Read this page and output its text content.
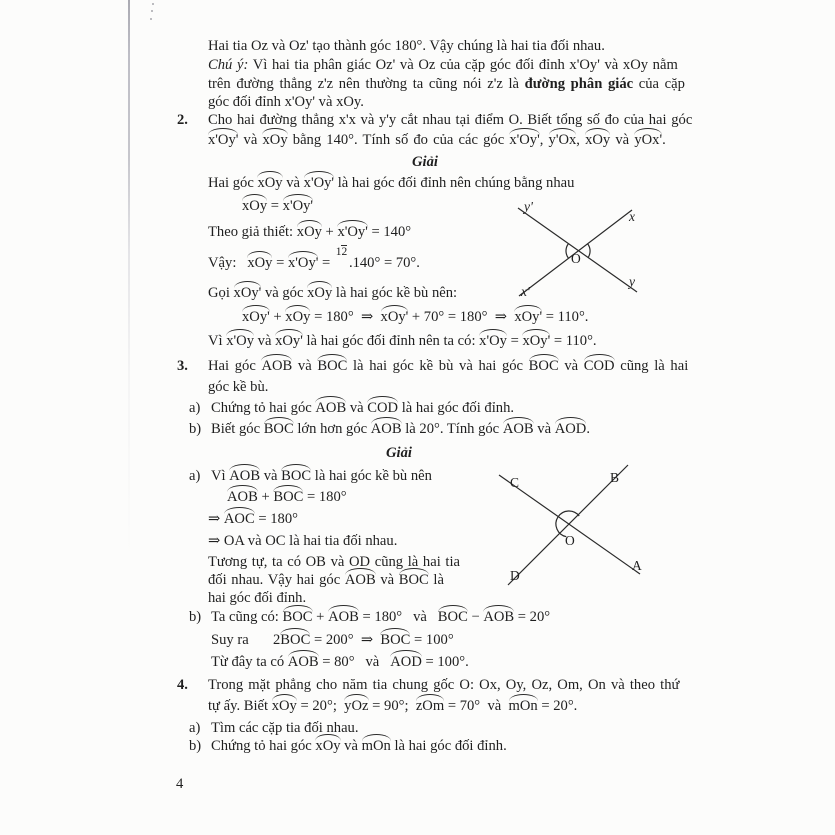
Hai tia Oz và Oz' tạo thành góc 180°. Vậy chúng là hai tia đối nhau.
Chú ý: Vì hai tia phân giác Oz' và Oz của cặp góc đối đỉnh x'Oy' và xOy nằm
trên đường thẳng z'z nên thường ta cũng nói z'z là đường phân giác của cặp
góc đối đỉnh x'Oy' và xOy.
2. Cho hai đường thẳng x'x và y'y cắt nhau tại điểm O. Biết tổng số đo của hai góc
x'Oy' và xOy bằng 140°. Tính số đo của các góc x'Oy', y'Ox, xOy và yOx'.
Giải
Hai góc xOy và x'Oy' là hai góc đối đỉnh nên chúng bằng nhau
xOy = x'Oy'
Theo giả thiết: xOy + x'Oy' = 140°
Vậy:   xOy = x'Oy' =
12
.140° = 70°.
Gọi xOy' và góc xOy là hai góc kề bù nên:
xOy' + xOy = 180°  ⇒  xOy' + 70° = 180°  ⇒  xOy' = 110°.
Vì x'Oy và xOy' là hai góc đối đỉnh nên ta có: x'Oy = xOy' = 110°.
3. Hai góc AOB và BOC là hai góc kề bù và hai góc BOC và COD cũng là hai
góc kề bù.
a) Chứng tỏ hai góc AOB và COD là hai góc đối đỉnh.
b) Biết góc BOC lớn hơn góc AOB là 20°. Tính góc AOB và AOD.
Giải
a) Vì AOB và BOC là hai góc kề bù nên
AOB + BOC = 180°
⇒ AOC = 180°
⇒ OA và OC là hai tia đối nhau.
Tương tự, ta có OB và OD cũng là hai tia
đối nhau. Vậy hai góc AOB và BOC là
hai góc đối đỉnh.
b) Ta cũng có: BOC + AOB = 180°   và   BOC − AOB = 20°
Suy ra 2BOC = 200°  ⇒  BOC = 100°
Từ đây ta có AOB = 80°   và   AOD = 100°.
4. Trong mặt phẳng cho năm tia chung gốc O: Ox, Oy, Oz, Om, On và theo thứ
tự ấy. Biết xOy = 20°;  yOz = 90°;  zOm = 70°  và  mOn = 20°.
a) Tìm các cặp tia đối nhau.
b) Chứng tỏ hai góc xOy và mOn là hai góc đối đỉnh.
y'
x
x'
y
O
C	B
D
A
O
4
